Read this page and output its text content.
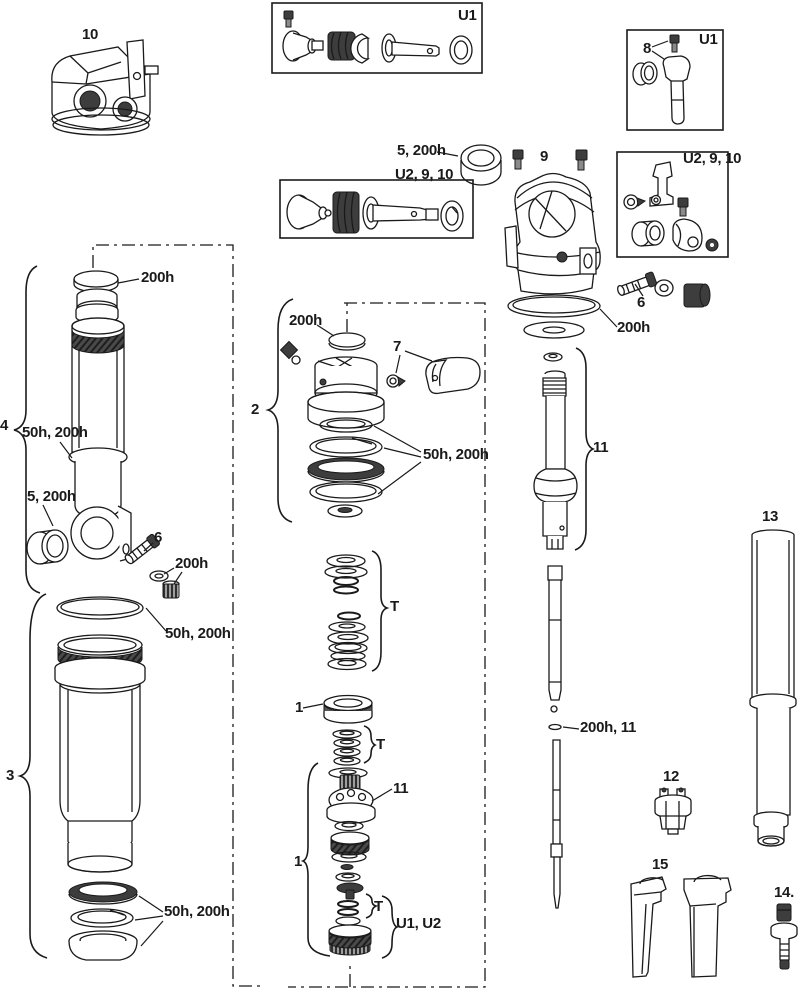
10
U1
U1
8
5, 200h	9
U2, 9, 10
U2, 9, 10
200h
6
200h
4 50h, 200h
5, 200h
6
200h
50h, 200h
3
50h, 200h
200h
2
7
50h, 200h
T
1
T
11
11
200h, 11
1
T
U1, U2
12
15
14.
13
